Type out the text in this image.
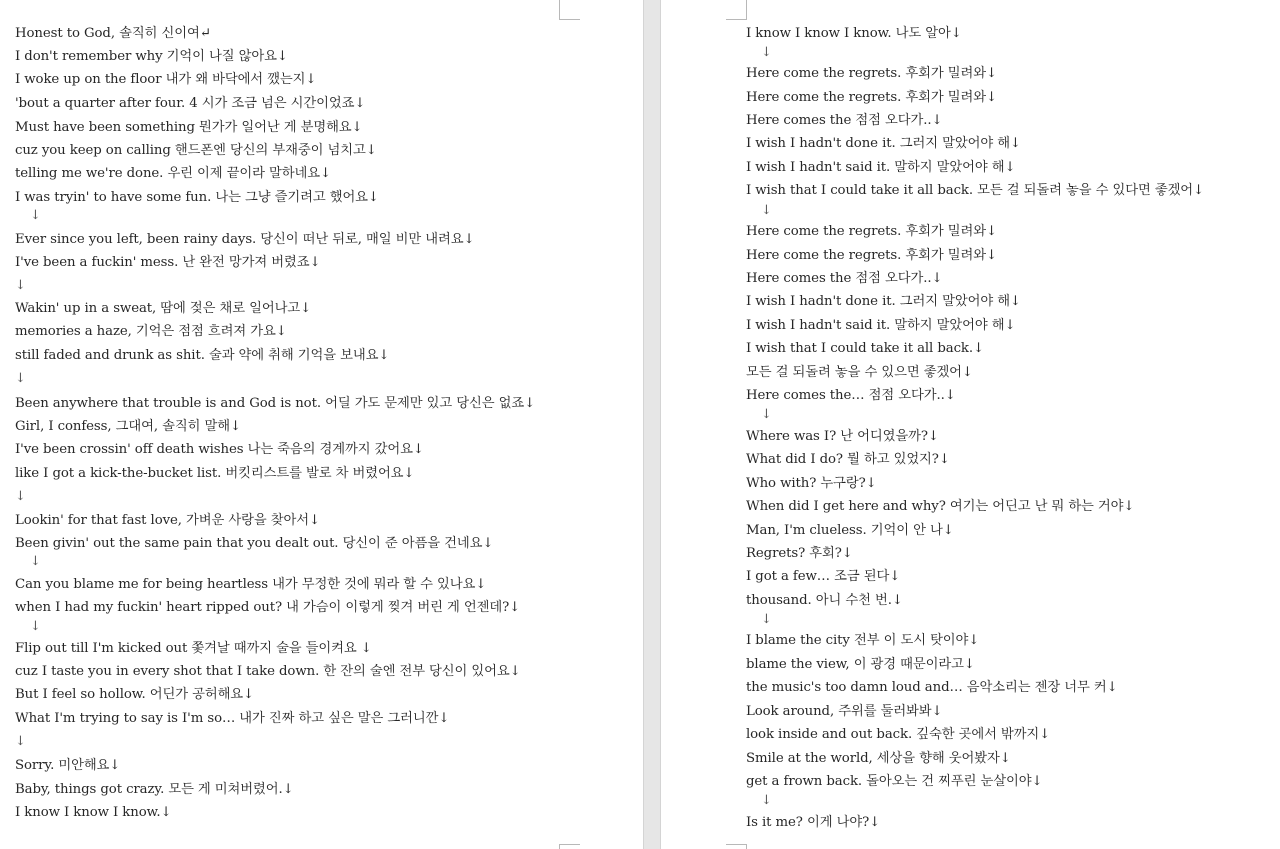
Honest to God, 솔직히 신이여↵
I don't remember why 기억이 나질 않아요↓
I woke up on the floor 내가 왜 바닥에서 깼는지↓
'bout a quarter after four. 4 시가 조금 넘은 시간이었죠↓
Must have been something 뭔가가 일어난 게 분명해요↓
cuz you keep on calling 핸드폰엔 당신의 부재중이 넘치고↓
telling me we're done. 우린 이제 끝이라 말하네요↓
I was tryin' to have some fun. 나는 그냥 즐기려고 했어요↓
↓
Ever since you left, been rainy days. 당신이 떠난 뒤로, 매일 비만 내려요↓
I've been a fuckin' mess. 난 완전 망가져 버렸죠↓
↓
Wakin' up in a sweat, 땀에 젖은 채로 일어나고↓
memories a haze, 기억은 점점 흐려져 가요↓
still faded and drunk as shit. 술과 약에 취해 기억을 보내요↓
↓
Been anywhere that trouble is and God is not. 어딜 가도 문제만 있고 당신은 없죠↓
Girl, I confess, 그대여, 솔직히 말해↓
I've been crossin' off death wishes 나는 죽음의 경계까지 갔어요↓
like I got a kick-the-bucket list. 버킷리스트를 발로 차 버렸어요↓
↓
Lookin' for that fast love, 가벼운 사랑을 찾아서↓
Been givin' out the same pain that you dealt out. 당신이 준 아픔을 건네요↓
↓
Can you blame me for being heartless 내가 무정한 것에 뭐라 할 수 있나요↓
when I had my fuckin' heart ripped out? 내 가슴이 이렇게 찢겨 버린 게 언젠데?↓
↓
Flip out till I'm kicked out 쫓겨날 때까지 술을 들이켜요 ↓
cuz I taste you in every shot that I take down. 한 잔의 술엔 전부 당신이 있어요↓
But I feel so hollow. 어딘가 공허해요↓
What I'm trying to say is I'm so… 내가 진짜 하고 싶은 말은 그러니깐↓
↓
Sorry. 미안해요↓
Baby, things got crazy. 모든 게 미쳐버렸어.↓
I know I know I know.↓
I know I know I know. 나도 알아↓
↓
Here come the regrets. 후회가 밀려와↓
Here come the regrets. 후회가 밀려와↓
Here comes the 점점 오다가..↓
I wish I hadn't done it. 그러지 말았어야 해↓
I wish I hadn't said it. 말하지 말았어야 해↓
I wish that I could take it all back. 모든 걸 되돌려 놓을 수 있다면 좋겠어↓
↓
Here come the regrets. 후회가 밀려와↓
Here come the regrets. 후회가 밀려와↓
Here comes the 점점 오다가..↓
I wish I hadn't done it. 그러지 말았어야 해↓
I wish I hadn't said it. 말하지 말았어야 해↓
I wish that I could take it all back.↓
모든 걸 되돌려 놓을 수 있으면 좋겠어↓
Here comes the… 점점 오다가..↓
↓
Where was I? 난 어디였을까?↓
What did I do? 뭘 하고 있었지?↓
Who with? 누구랑?↓
When did I get here and why? 여기는 어딘고 난 뭐 하는 거야↓
Man, I'm clueless. 기억이 안 나↓
Regrets? 후회?↓
I got a few… 조금 된다↓
thousand. 아니 수천 번.↓
↓
I blame the city 전부 이 도시 탓이야↓
blame the view, 이 광경 때문이라고↓
the music's too damn loud and… 음악소리는 젠장 너무 커↓
Look around, 주위를 둘러봐봐↓
look inside and out back. 깊숙한 곳에서 밖까지↓
Smile at the world, 세상을 향해 웃어봤자↓
get a frown back. 돌아오는 건 찌푸린 눈살이야↓
↓
Is it me? 이게 나야?↓
